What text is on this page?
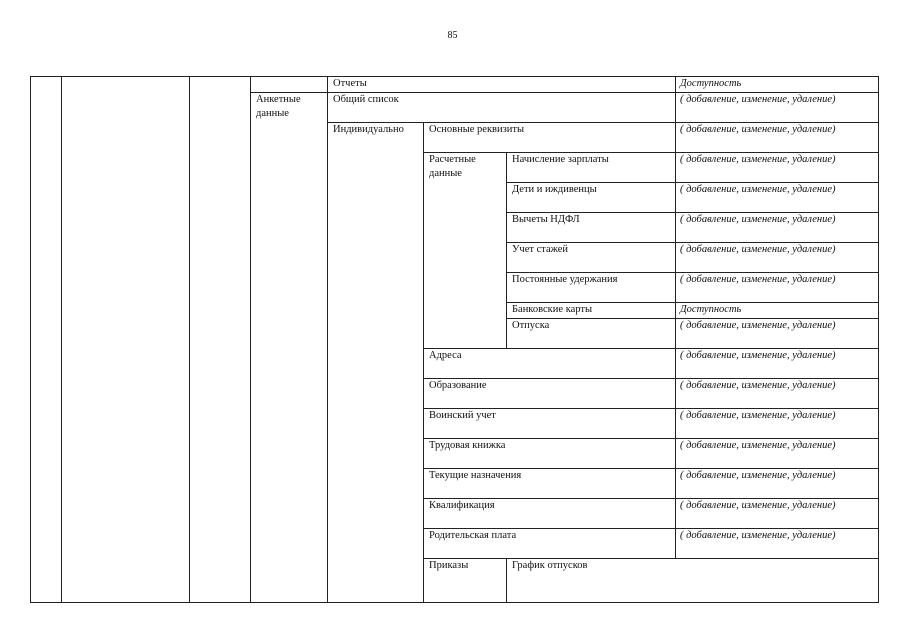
85
				Отчеты			Доступность	
			Анкетные данные	Общий список			( добавление, изменение, удаление)	
				Индивидуально	Основные реквизиты		( добавление, изменение, удаление)	
					Расчетные данные	Начисление зарплаты	( добавление, изменение, удаление)	
						Дети и иждивенцы	( добавление, изменение, удаление)	
						Вычеты НДФЛ	( добавление, изменение, удаление)	
						Учет стажей	( добавление, изменение, удаление)	
						Постоянные удержания	( добавление, изменение, удаление)	
						Банковские карты	Доступность	
						Отпуска	( добавление, изменение, удаление)	
					Адреса		( добавление, изменение, удаление)	
					Образование		( добавление, изменение, удаление)	
					Воинский учет		( добавление, изменение, удаление)	
					Трудовая книжка		( добавление, изменение, удаление)	
					Текущие назначения		( добавление, изменение, удаление)	
					Квалификация		( добавление, изменение, удаление)	
					Родительская плата		( добавление, изменение, удаление)	
					Приказы	График отпусков	
